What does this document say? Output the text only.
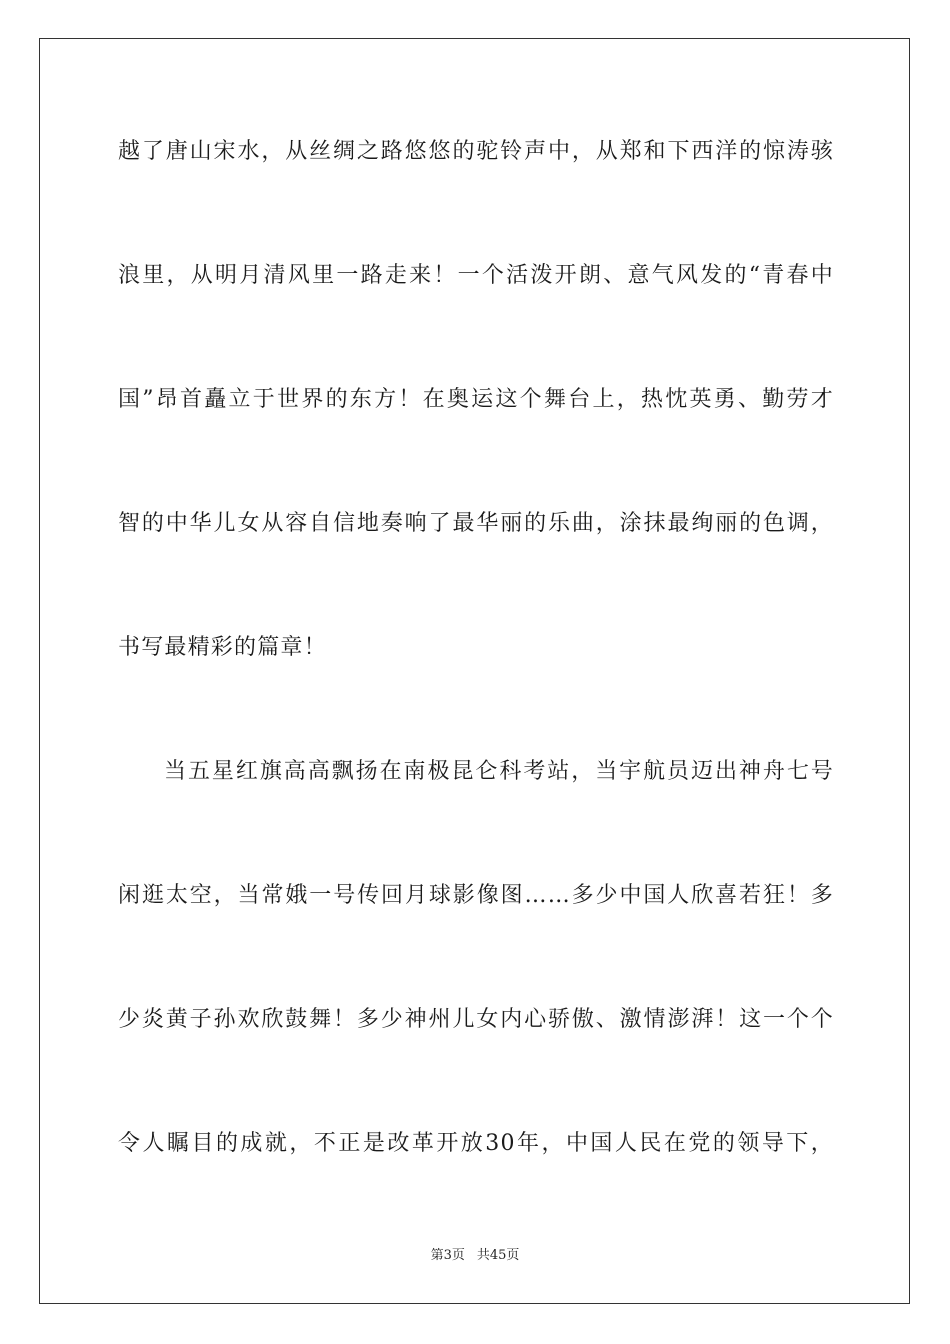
越了唐山宋水，从丝绸之路悠悠的驼铃声中，从郑和下西洋的惊涛骇
浪里，从明月清风里一路走来！一个活泼开朗、意气风发的“青春中
国”昂首矗立于世界的东方！在奥运这个舞台上，热忱英勇、勤劳才
智的中华儿女从容自信地奏响了最华丽的乐曲，涂抹最绚丽的色调，
书写最精彩的篇章！
当五星红旗高高飘扬在南极昆仑科考站，当宇航员迈出神舟七号
闲逛太空，当常娥一号传回月球影像图……多少中国人欣喜若狂！多
少炎黄子孙欢欣鼓舞！多少神州儿女内心骄傲、激情澎湃！这一个个
令人瞩目的成就，不正是改革开放30年，中国人民在党的领导下，
第3页 共45页
